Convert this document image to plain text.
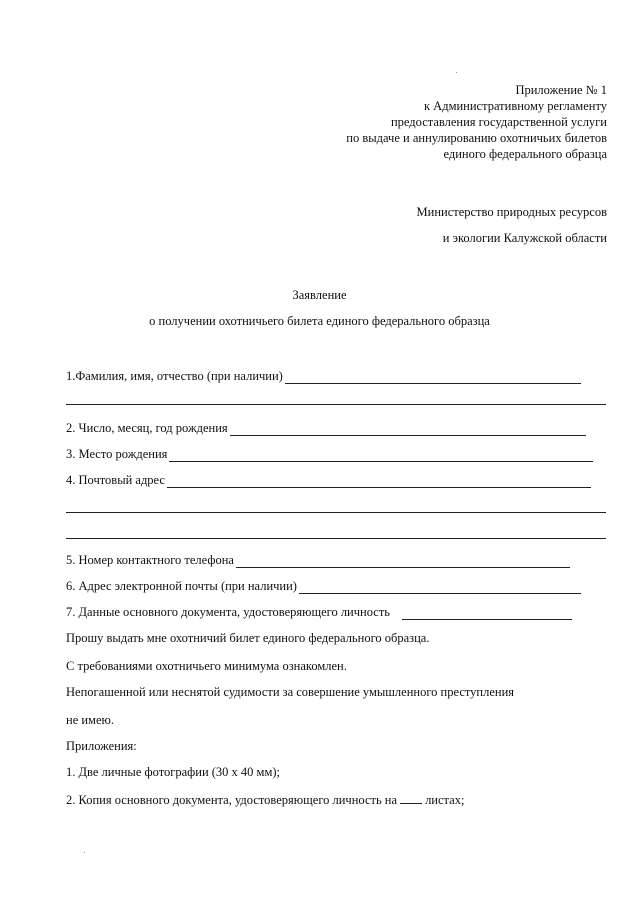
Приложение № 1
к Административному регламенту
предоставления государственной услуги
по выдаче и аннулированию охотничьих билетов
единого федерального образца
Министерство природных ресурсов
и экологии Калужской области
Заявление
о получении охотничьего билета единого федерального образца
1.Фамилия, имя, отчество (при наличии)
2. Число, месяц, год рождения
3. Место рождения
4. Почтовый адрес
5. Номер контактного телефона
6. Адрес электронной почты (при наличии)
7. Данные основного документа, удостоверяющего личность
Прошу выдать мне охотничий билет единого федерального образца.
С требованиями охотничьего минимума ознакомлен.
Непогашенной или неснятой судимости за совершение умышленного преступления
не имею.
Приложения:
1. Две личные фотографии (30 х 40 мм);
2. Копия основного документа, удостоверяющего личность на листах;
